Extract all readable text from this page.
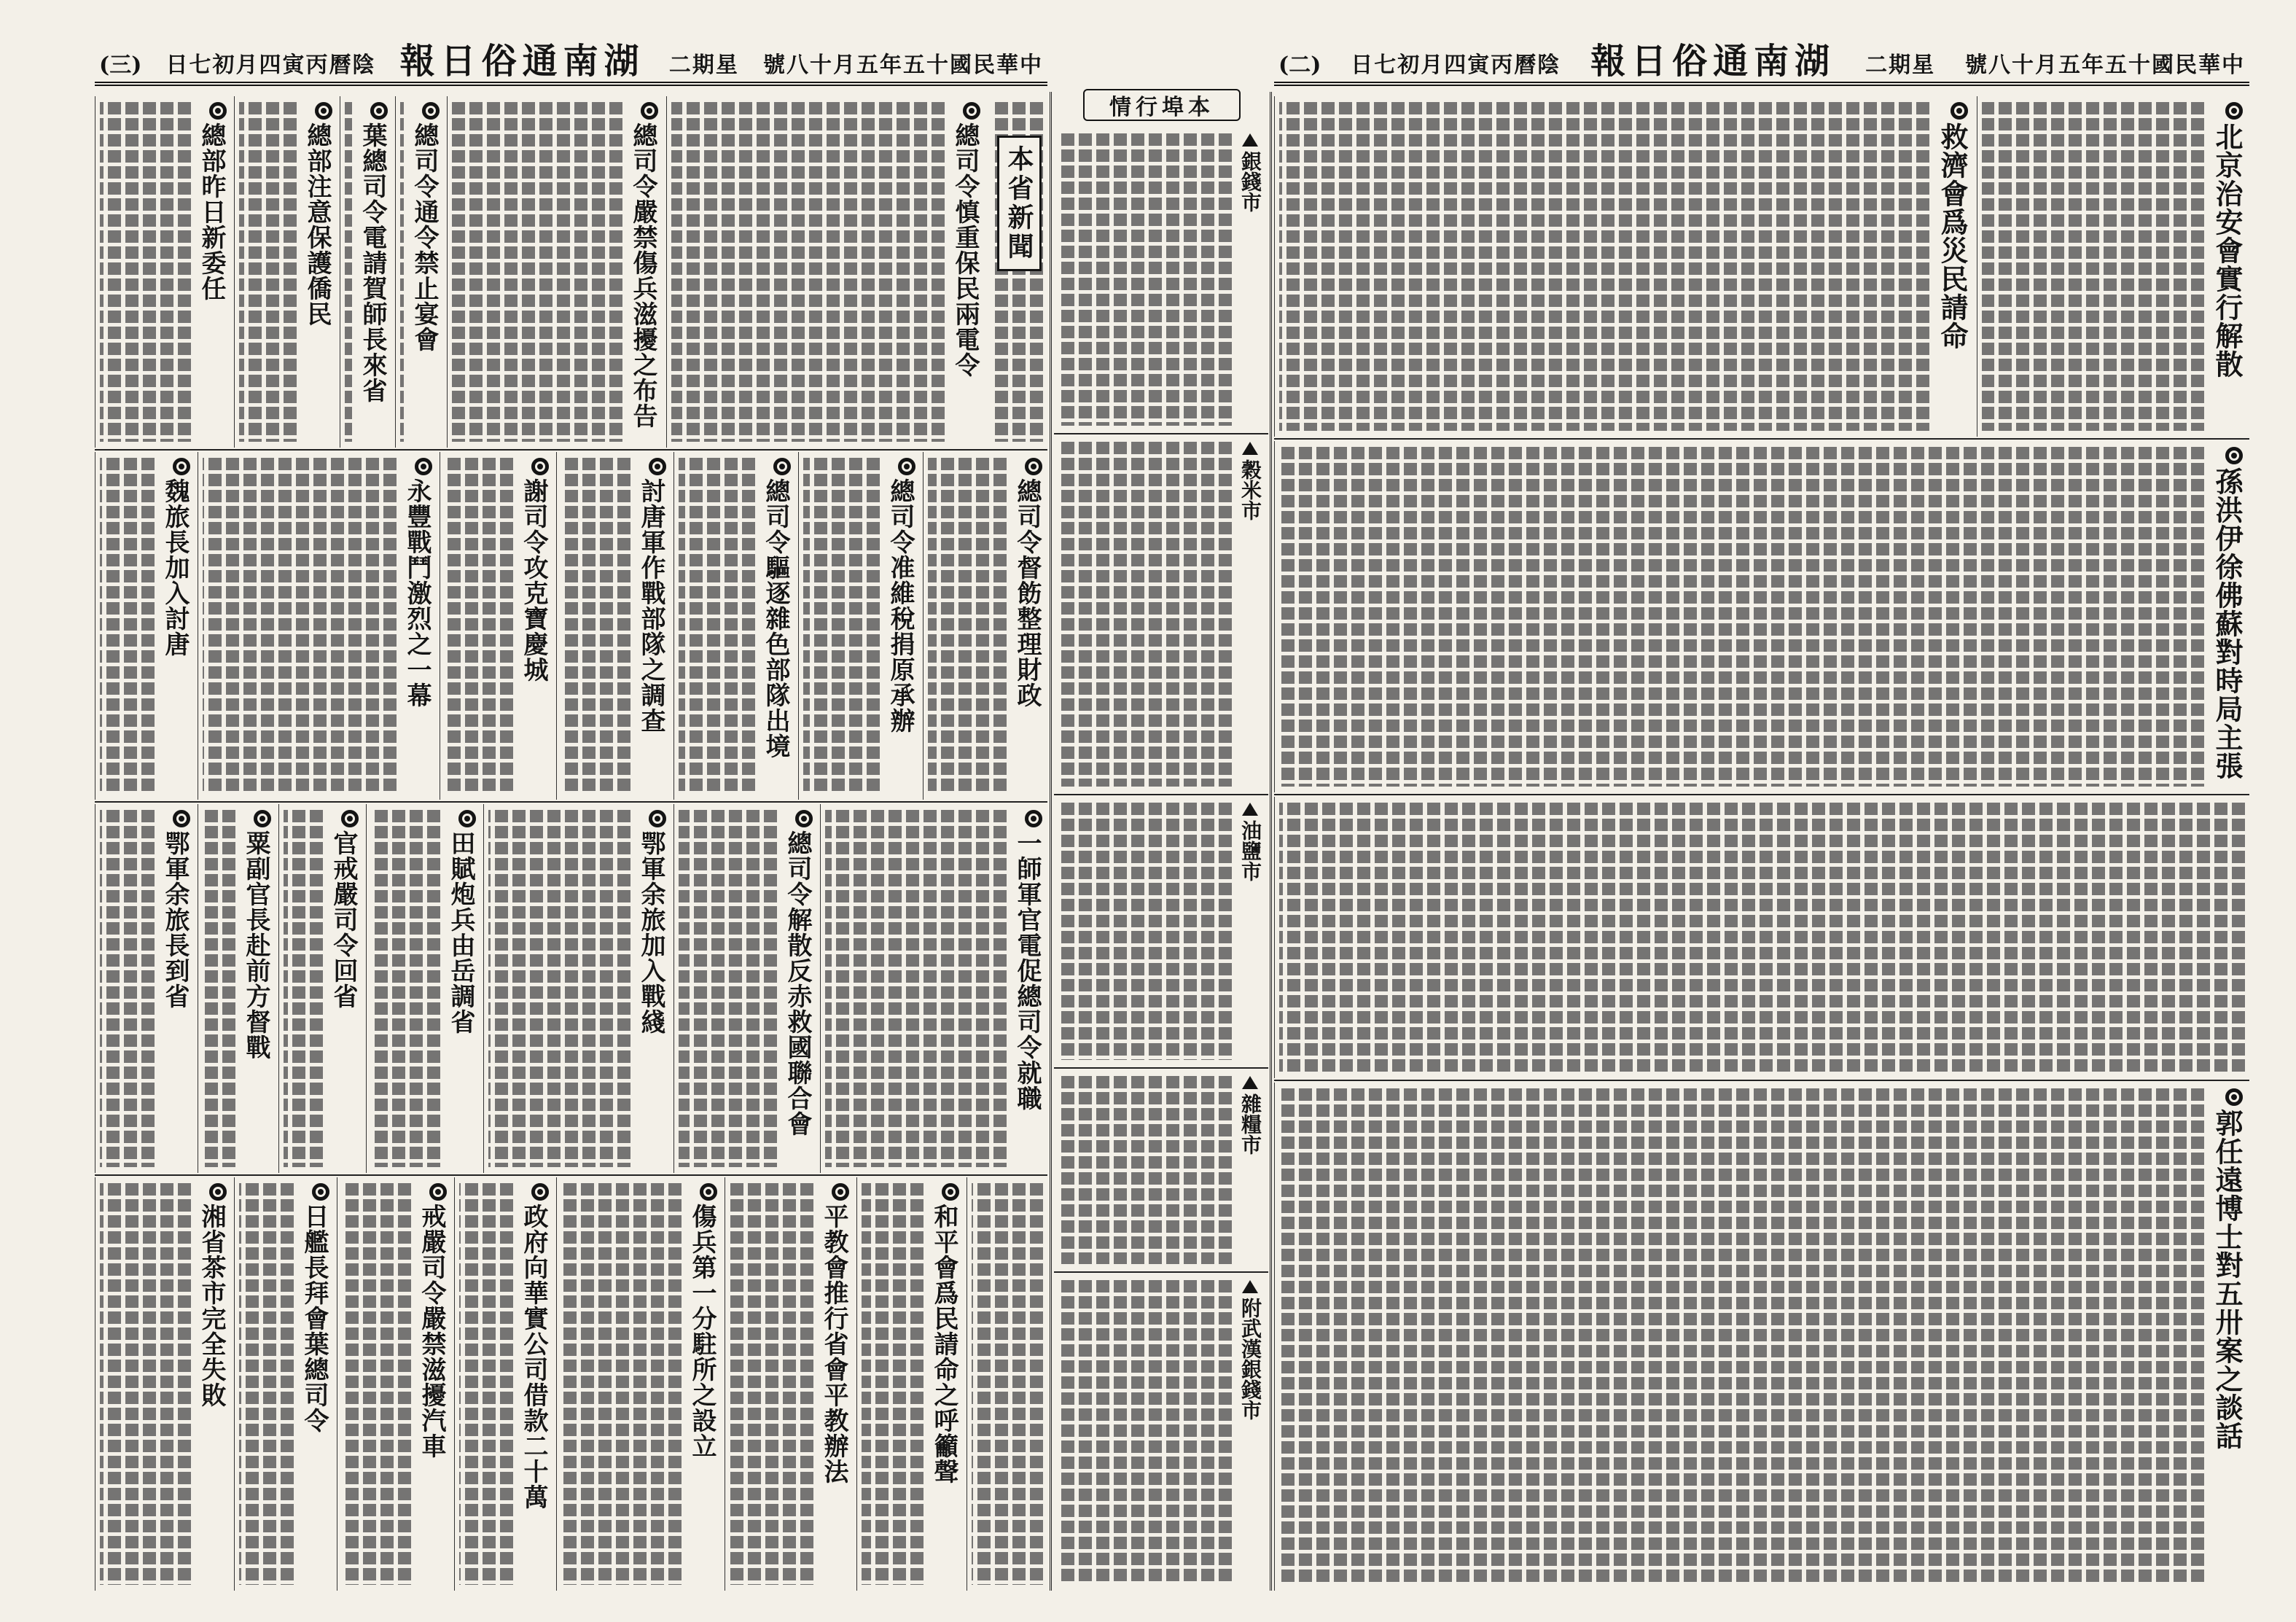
(三) 陰曆丙寅四月初七日 湖南通俗日報 星期二 中華民國十五年五月十八號	(二) 陰曆丙寅四月初七日 湖南通俗日報 星期二 中華民國十五年五月十八號
本省新聞
總司令慎重保民兩電令
總司令嚴禁傷兵滋擾之布告
總司令通令禁止宴會
葉總司令電請賀師長來省
總部注意保護僑民
總部昨日新委任
總司令督飭整理財政
總司令准維稅捐原承辦
總司令驅逐雜色部隊出境
討唐軍作戰部隊之調查
謝司令攻克寶慶城
永豐戰鬥激烈之一幕
魏旅長加入討唐
一師軍官電促總司令就職
總司令解散反赤救國聯合會
鄂軍余旅加入戰綫
田賦炮兵由岳調省
官戒嚴司令回省
粟副官長赴前方督戰
鄂軍余旅長到省
和平會爲民請命之呼籲聲
平教會推行省會平教辦法
傷兵第一分駐所之設立
政府向華實公司借款二十萬
戒嚴司令嚴禁滋擾汽車
日艦長拜會葉總司令
湘省茶市完全失敗
本埠行情
銀錢市
穀米市
油鹽市
雜糧市
附武漢銀錢市
北京治安會實行解散
救濟會爲災民請命
孫洪伊徐佛蘇對時局主張
郭任遠博士對五卅案之談話
